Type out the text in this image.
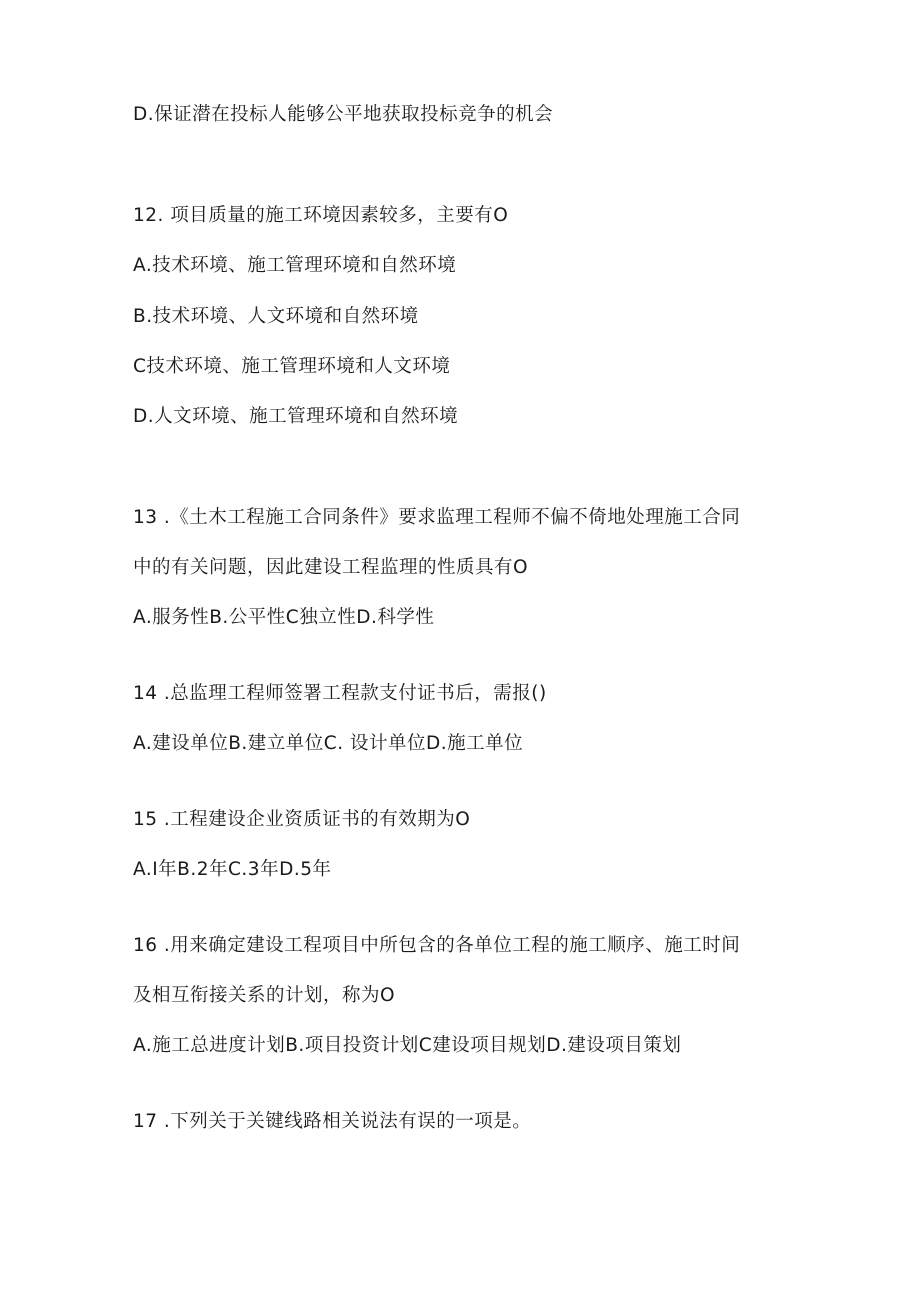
D.保证潜在投标人能够公平地获取投标竞争的机会
12. 项目质量的施工环境因素较多，主要有O
A.技术环境、施工管理环境和自然环境
B.技术环境、人文环境和自然环境
C技术环境、施工管理环境和人文环境
D.人文环境、施工管理环境和自然环境
13 .《土木工程施工合同条件》要求监理工程师不偏不倚地处理施工合同
中的有关问题，因此建设工程监理的性质具有O
A.服务性B.公平性C独立性D.科学性
14 .总监理工程师签署工程款支付证书后，需报()
A.建设单位B.建立单位C. 设计单位D.施工单位
15 .工程建设企业资质证书的有效期为O
A.I年B.2年C.3年D.5年
16 .用来确定建设工程项目中所包含的各单位工程的施工顺序、施工时间
及相互衔接关系的计划，称为O
A.施工总进度计划B.项目投资计划C建设项目规划D.建设项目策划
17 .下列关于关键线路相关说法有误的一项是。
